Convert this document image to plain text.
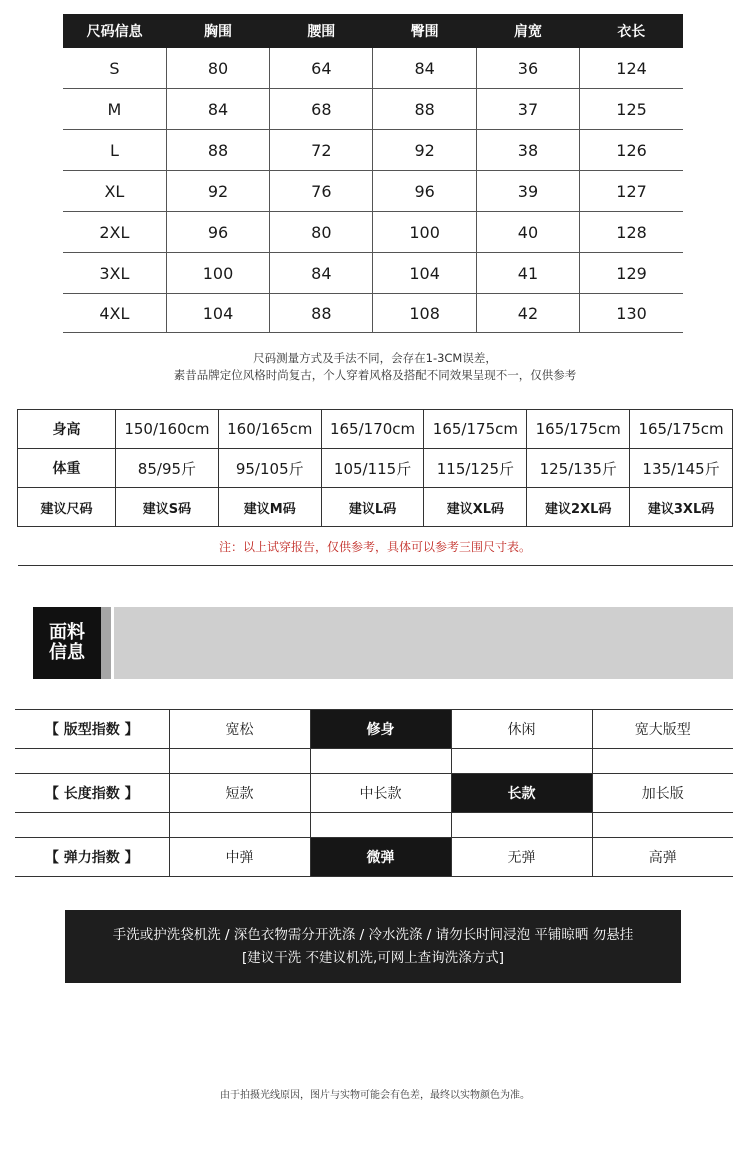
尺码信息	胸围	腰围	臀围	肩宽	衣长
S	80	64	84	36	124
M	84	68	88	37	125
L	88	72	92	38	126
XL	92	76	96	39	127
2XL	96	80	100	40	128
3XL	100	84	104	41	129
4XL	104	88	108	42	130
尺码测量方式及手法不同，会存在1-3CM误差，
素昔品牌定位风格时尚复古，个人穿着风格及搭配不同效果呈现不一，仅供参考
身高	150/160cm	160/165cm	165/170cm	165/175cm	165/175cm	165/175cm
体重	85/95斤	95/105斤	105/115斤	115/125斤	125/135斤	135/145斤
建议尺码	建议S码	建议M码	建议L码	建议XL码	建议2XL码	建议3XL码
注：以上试穿报告，仅供参考，具体可以参考三围尺寸表。						
面料
信息
【 版型指数 】	宽松	修身	休闲	宽大版型

【 长度指数 】	短款	中长款	长款	加长版

【 弹力指数 】	中弹	微弹	无弹	高弹
手洗或护洗袋机洗 / 深色衣物需分开洗涤 / 冷水洗涤 / 请勿长时间浸泡 平铺晾晒 勿悬挂
[建议干洗 不建议机洗,可网上查询洗涤方式]
由于拍摄光线原因，图片与实物可能会有色差，最终以实物颜色为准。
